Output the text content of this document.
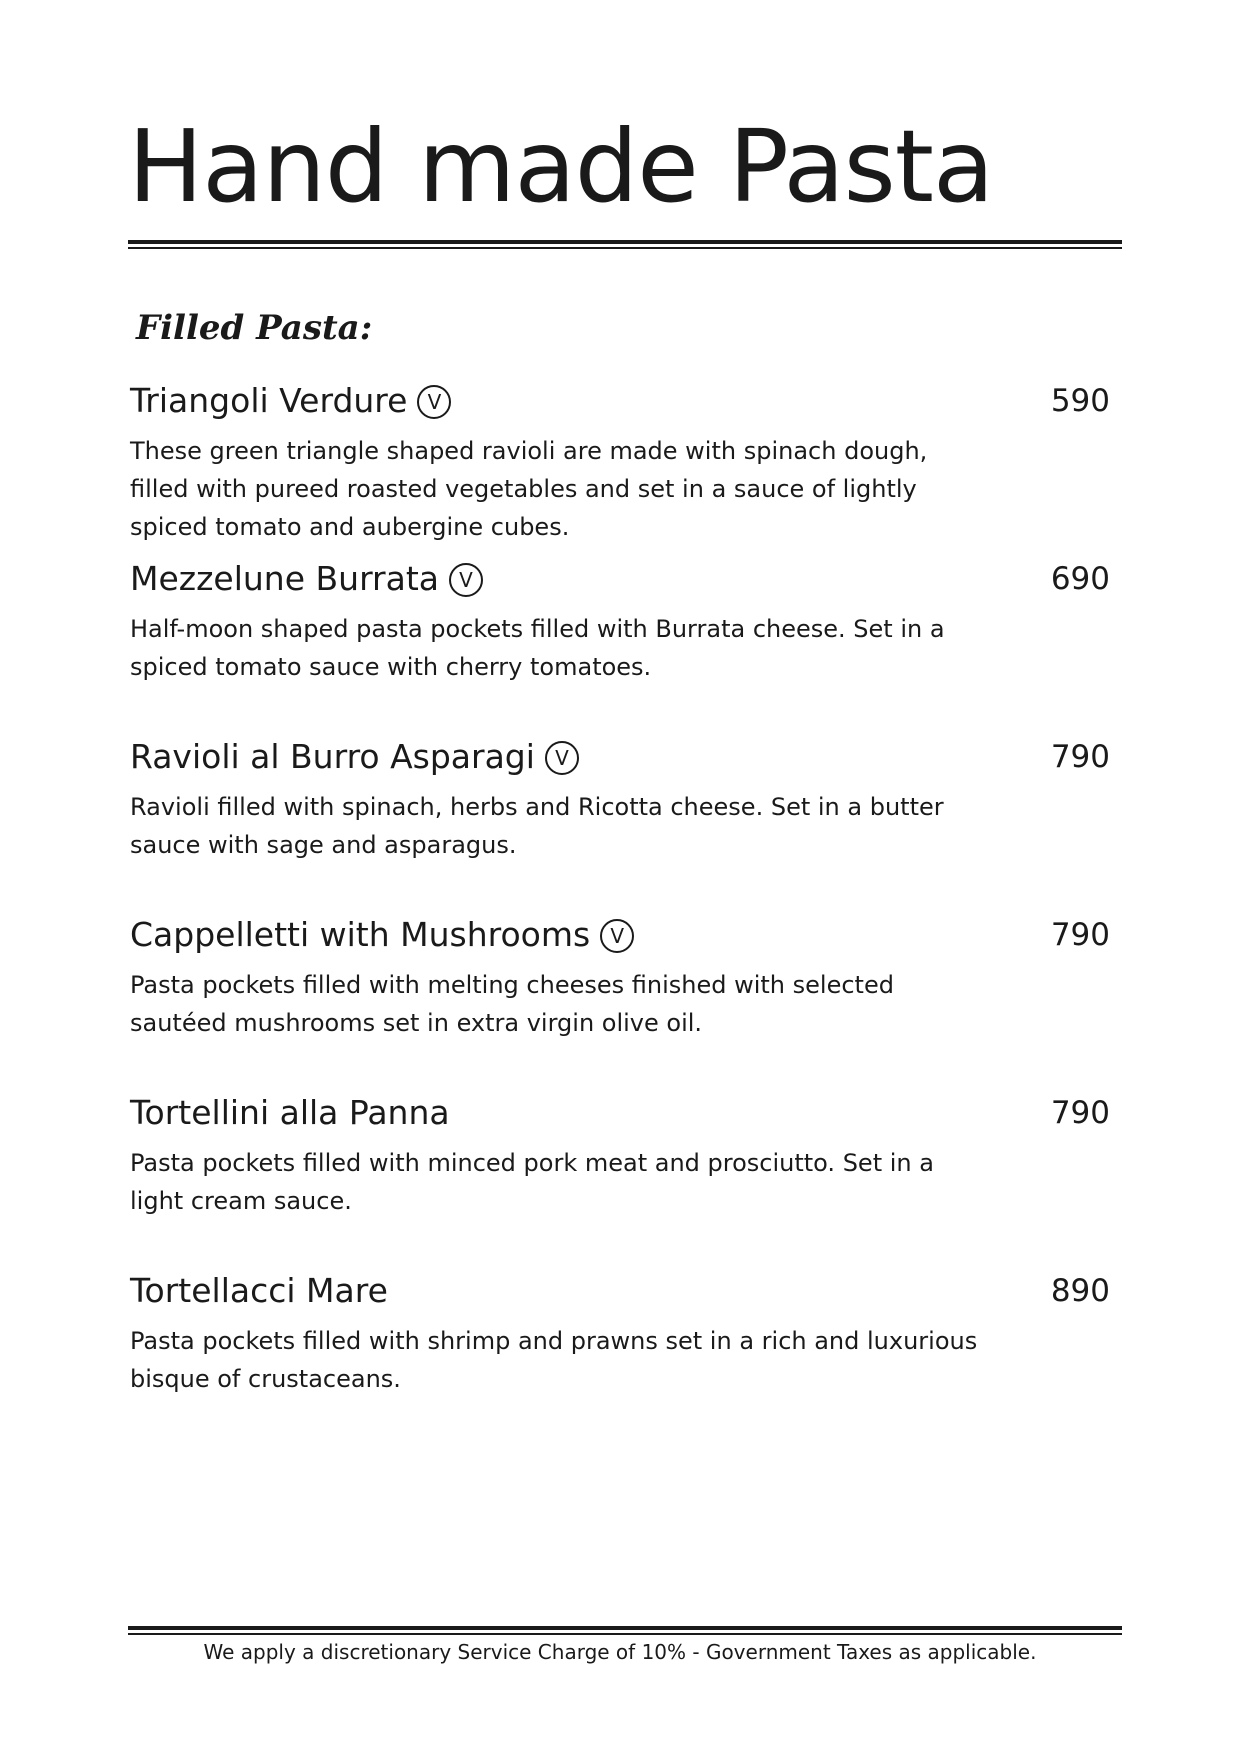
Hand made Pasta
Filled Pasta:
Triangoli Verdure V	590

These green triangle shaped ravioli are made with spinach dough, filled with pureed roasted vegetables and set in a sauce of lightly spiced tomato and aubergine cubes.

Mezzelune Burrata V	690

Half-moon shaped pasta pockets filled with Burrata cheese. Set in a spiced tomato sauce with cherry tomatoes.

Ravioli al Burro Asparagi V	790

Ravioli filled with spinach, herbs and Ricotta cheese. Set in a butter sauce with sage and asparagus.

Cappelletti with Mushrooms V	790

Pasta pockets filled with melting cheeses finished with selected sautéed mushrooms set in extra virgin olive oil.

Tortellini alla Panna	790

Pasta pockets filled with minced pork meat and prosciutto. Set in a light cream sauce.

Tortellacci Mare	890

Pasta pockets filled with shrimp and prawns set in a rich and luxurious bisque of crustaceans.

We apply a discretionary Service Charge of 10% - Government Taxes as applicable.
